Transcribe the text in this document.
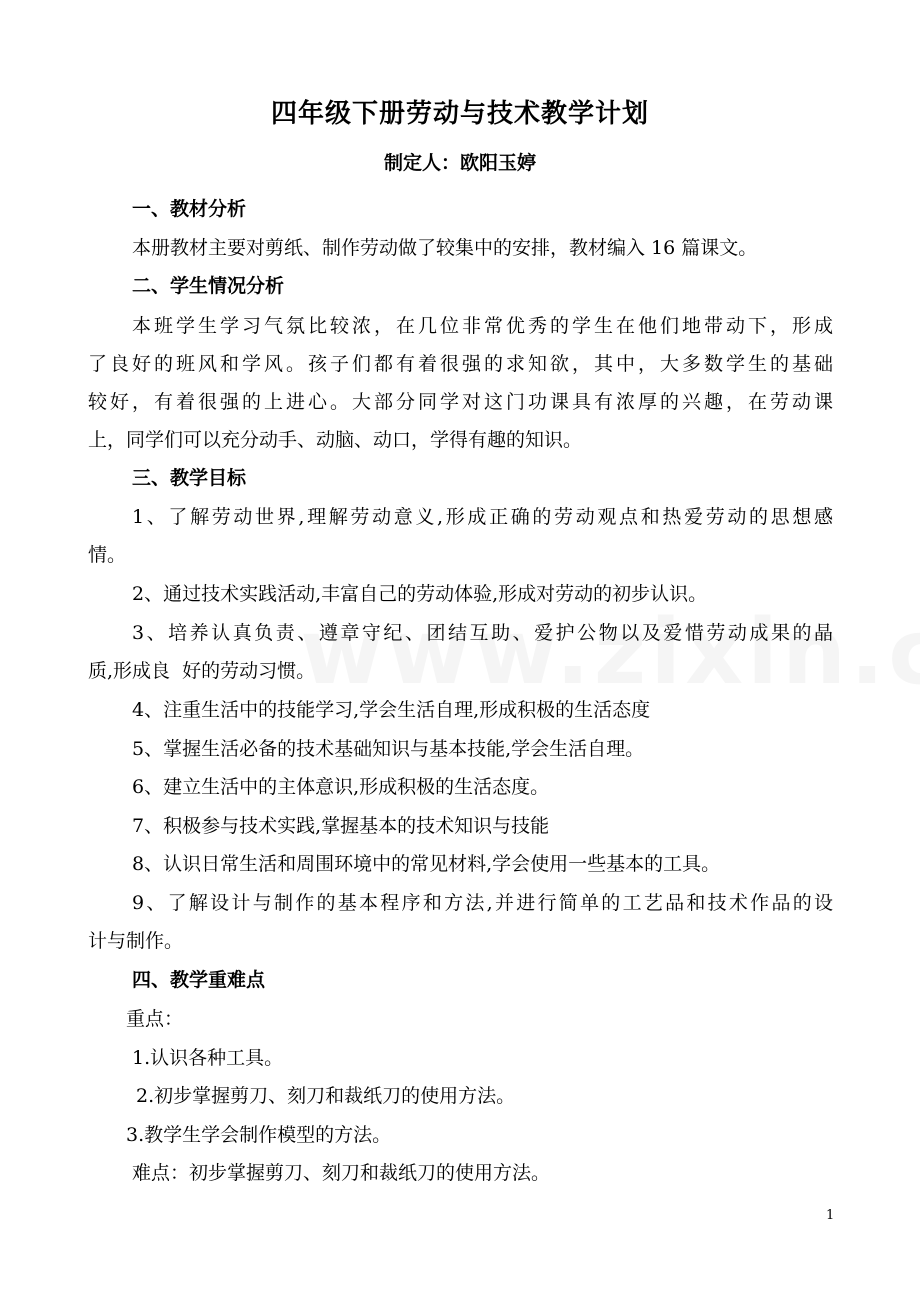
四年级下册劳动与技术教学计划
制定人：欧阳玉婷
一、教材分析
本册教材主要对剪纸、制作劳动做了较集中的安排，教材编入 16 篇课文。
二、学生情况分析
本班学生学习气氛比较浓，在几位非常优秀的学生在他们地带动下，形成
了良好的班风和学风。孩子们都有着很强的求知欲，其中，大多数学生的基础
较好，有着很强的上进心。大部分同学对这门功课具有浓厚的兴趣，在劳动课
上，同学们可以充分动手、动脑、动口，学得有趣的知识。
三、教学目标
1、了解劳动世界,理解劳动意义,形成正确的劳动观点和热爱劳动的思想感
情。
2、通过技术实践活动,丰富自己的劳动体验,形成对劳动的初步认识。
3、培养认真负责、遵章守纪、团结互助、爱护公物以及爱惜劳动成果的晶
质,形成良  好的劳动习惯。
4、注重生活中的技能学习,学会生活自理,形成积极的生活态度
5、掌握生活必备的技术基础知识与基本技能,学会生活自理。
6、建立生活中的主体意识,形成积极的生活态度。
7、积极参与技术实践,掌握基本的技术知识与技能
8、认识日常生活和周围环境中的常见材料,学会使用一些基本的工具。
9、了解设计与制作的基本程序和方法,并进行简单的工艺品和技术作品的设
计与制作。
四、教学重难点
重点：
1.认识各种工具。
2.初步掌握剪刀、刻刀和裁纸刀的使用方法。
3.教学生学会制作模型的方法。
难点：初步掌握剪刀、刻刀和裁纸刀的使用方法。
1
